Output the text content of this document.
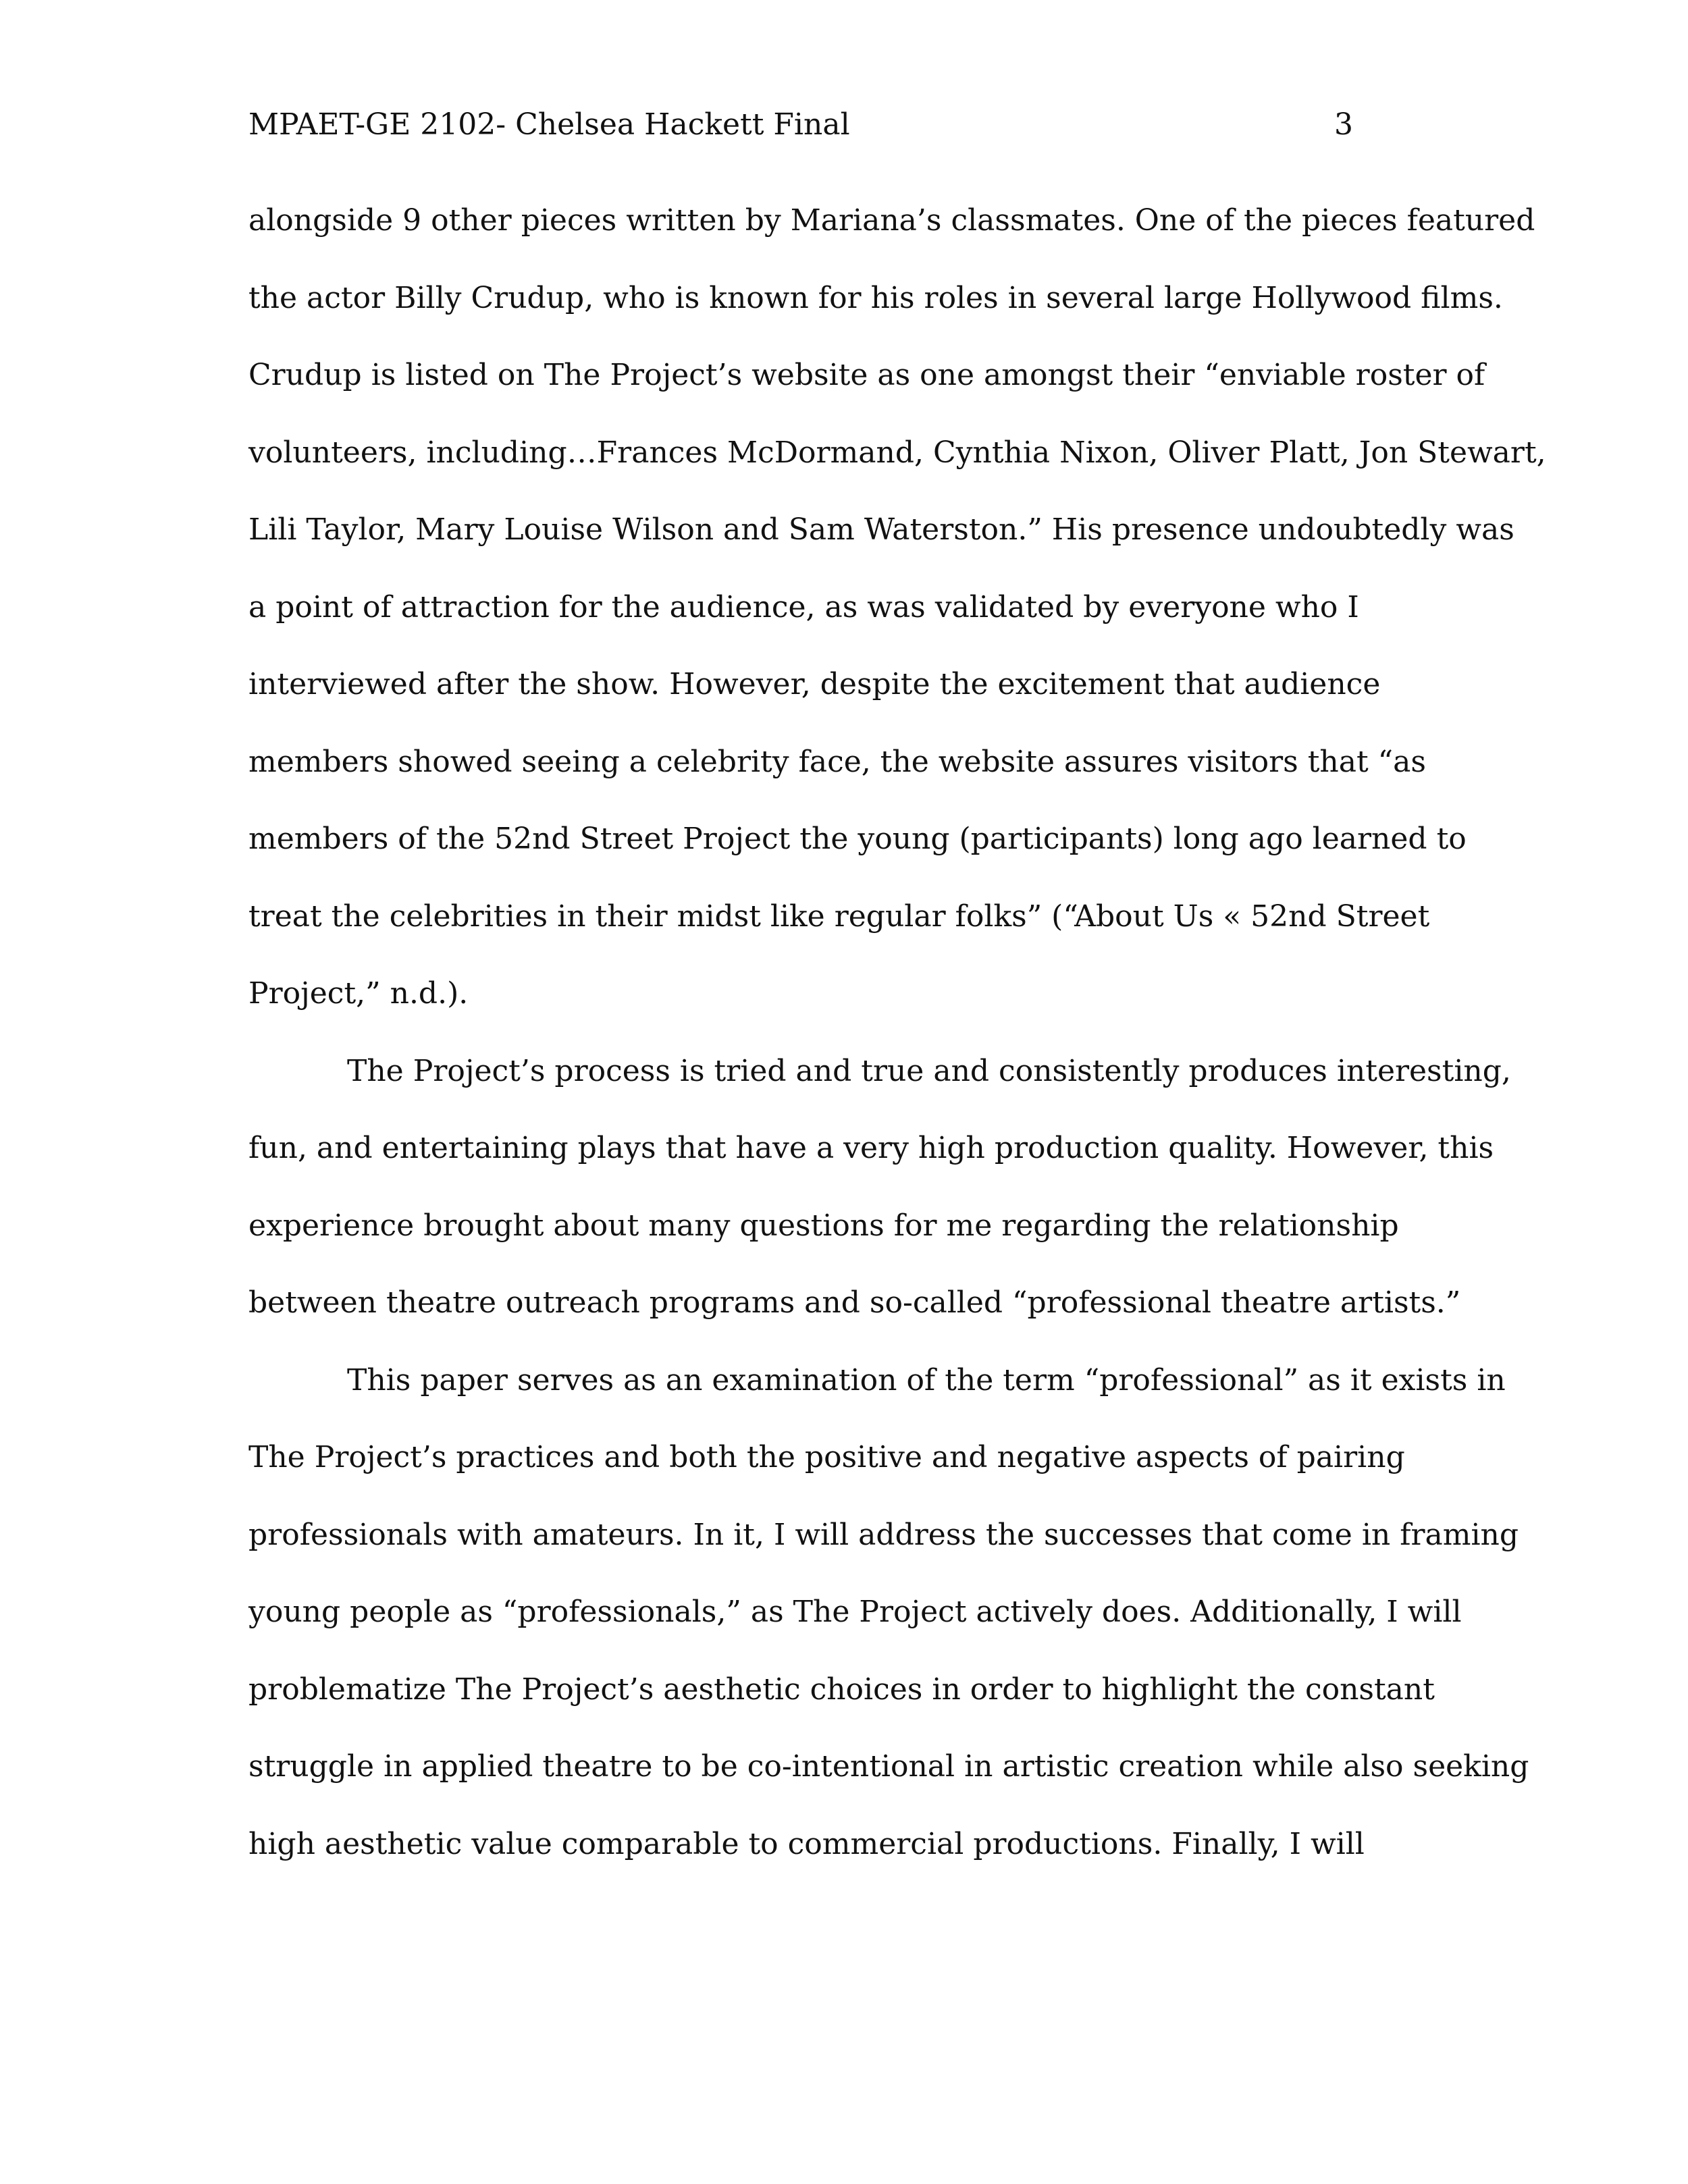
MPAET-GE 2102- Chelsea Hackett Final	3
alongside 9 other pieces written by Mariana’s classmates. One of the pieces featured
the actor Billy Crudup, who is known for his roles in several large Hollywood films.
Crudup is listed on The Project’s website as one amongst their “enviable roster of
volunteers, including…Frances McDormand, Cynthia Nixon, Oliver Platt, Jon Stewart,
Lili Taylor, Mary Louise Wilson and Sam Waterston.” His presence undoubtedly was
a point of attraction for the audience, as was validated by everyone who I
interviewed after the show. However, despite the excitement that audience
members showed seeing a celebrity face, the website assures visitors that “as
members of the 52nd Street Project the young (participants) long ago learned to
treat the celebrities in their midst like regular folks” (“About Us « 52nd Street
Project,” n.d.).
The Project’s process is tried and true and consistently produces interesting,
fun, and entertaining plays that have a very high production quality. However, this
experience brought about many questions for me regarding the relationship
between theatre outreach programs and so-called “professional theatre artists.”
This paper serves as an examination of the term “professional” as it exists in
The Project’s practices and both the positive and negative aspects of pairing
professionals with amateurs. In it, I will address the successes that come in framing
young people as “professionals,” as The Project actively does. Additionally, I will
problematize The Project’s aesthetic choices in order to highlight the constant
struggle in applied theatre to be co-intentional in artistic creation while also seeking
high aesthetic value comparable to commercial productions. Finally, I will
